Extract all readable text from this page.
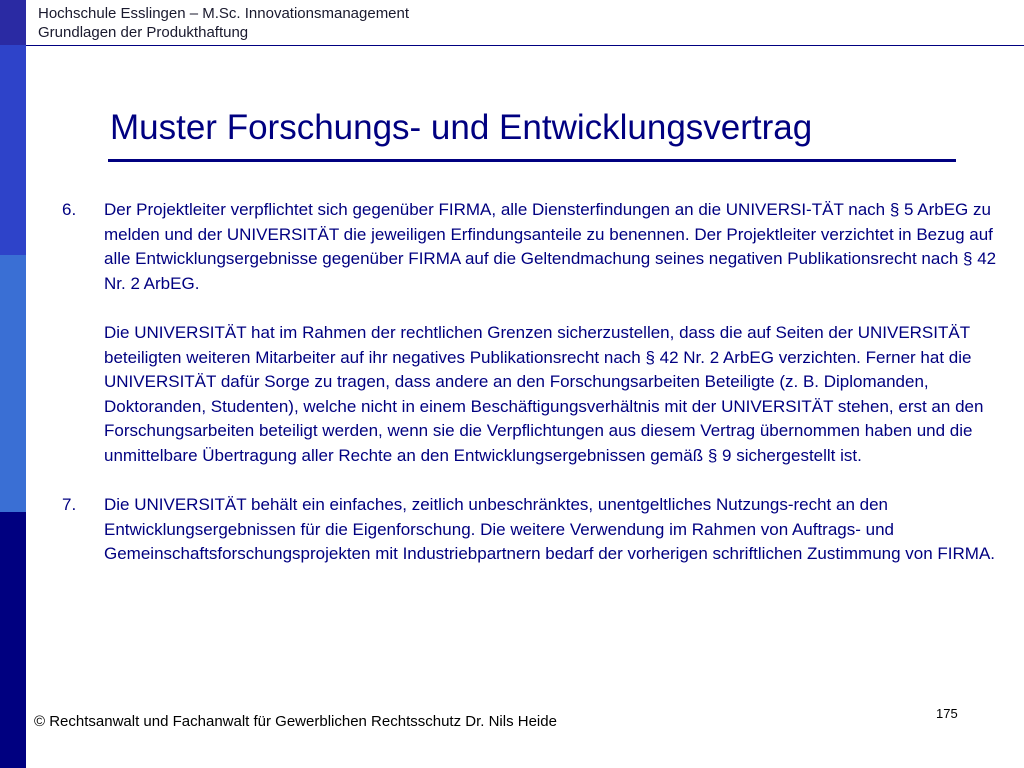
Hochschule Esslingen – M.Sc. Innovationsmanagement
Grundlagen der Produkthaftung
Muster Forschungs- und Entwicklungsvertrag
6.	Der Projektleiter verpflichtet sich gegenüber FIRMA, alle Diensterfindungen an die UNIVERSI-TÄT nach § 5 ArbEG zu melden und der UNIVERSITÄT die jeweiligen Erfindungsanteile zu benennen. Der Projektleiter verzichtet in Bezug auf alle Entwicklungsergebnisse gegenüber FIRMA auf die Geltendmachung seines negativen Publikationsrecht nach § 42 Nr. 2 ArbEG.
Die UNIVERSITÄT hat im Rahmen der rechtlichen Grenzen sicherzustellen, dass die auf Seiten der UNIVERSITÄT beteiligten weiteren Mitarbeiter auf ihr negatives Publikationsrecht nach § 42 Nr. 2 ArbEG verzichten. Ferner hat die UNIVERSITÄT dafür Sorge zu tragen, dass andere an den Forschungsarbeiten Beteiligte (z. B. Diplomanden, Doktoranden, Studenten), welche nicht in einem Beschäftigungsverhältnis mit der UNIVERSITÄT stehen, erst an den Forschungsarbeiten beteiligt werden, wenn sie die Verpflichtungen aus diesem Vertrag übernommen haben und die unmittelbare Übertragung aller Rechte an den Entwicklungsergebnissen gemäß § 9 sichergestellt ist.
7.	Die UNIVERSITÄT behält ein einfaches, zeitlich unbeschränktes, unentgeltliches Nutzungs-recht an den Entwicklungsergebnissen für die Eigenforschung. Die weitere Verwendung im Rahmen von Auftrags- und Gemeinschaftsforschungsprojekten mit Industriebpartnern bedarf der vorherigen schriftlichen Zustimmung von FIRMA.
175
© Rechtsanwalt und Fachanwalt für Gewerblichen Rechtsschutz Dr. Nils Heide
